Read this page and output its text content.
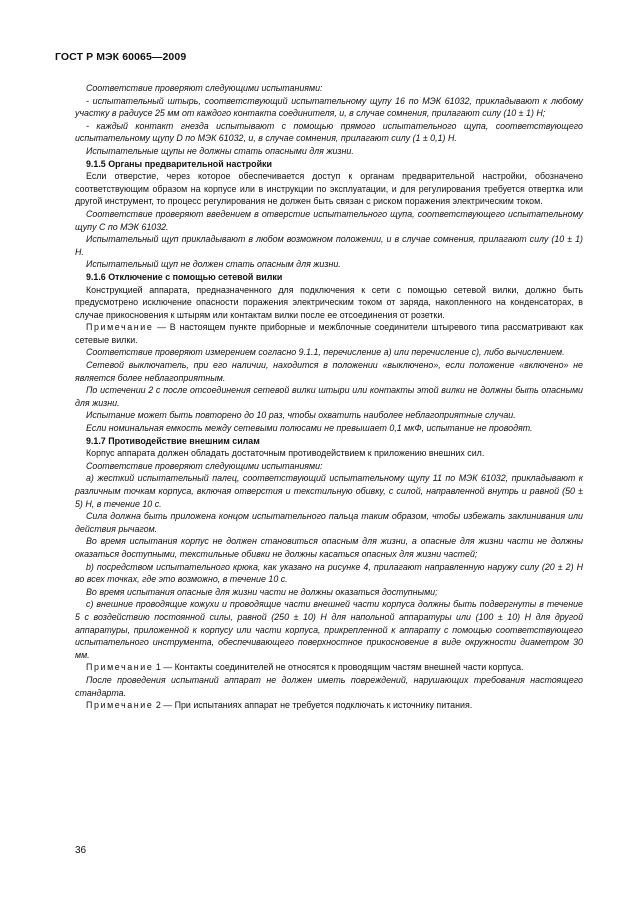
ГОСТ Р МЭК 60065—2009

Соответствие проверяют следующими испытаниями:

- испытательный штырь, соответствующий испытательному щупу 16 по МЭК 61032, прикладывают к любому участку в радиусе 25 мм от каждого контакта соединителя, и, в случае сомнения, прилагают силу (10 ± 1) Н;

- каждый контакт гнезда испытывают с помощью прямого испытательного щупа, соответствующего испытательному щупу D по МЭК 61032, и, в случае сомнения, прилагают силу (1 ± 0,1) Н.

Испытательные щупы не должны стать опасными для жизни.

9.1.5 Органы предварительной настройки

Если отверстие, через которое обеспечивается доступ к органам предварительной настройки, обозначено соответствующим образом на корпусе или в инструкции по эксплуатации, и для регулирования требуется отвертка или другой инструмент, то процесс регулирования не должен быть связан с риском поражения электрическим током.

Соответствие проверяют введением в отверстие испытательного щупа, соответствующего испытательному щупу С по МЭК 61032.

Испытательный щуп прикладывают в любом возможном положении, и в случае сомнения, прилагают силу (10 ± 1) Н.

Испытательный щуп не должен стать опасным для жизни.

9.1.6 Отключение с помощью сетевой вилки

Конструкцией аппарата, предназначенного для подключения к сети с помощью сетевой вилки, должно быть предусмотрено исключение опасности поражения электрическим током от заряда, накопленного на конденсаторах, в случае прикосновения к штырям или контактам вилки после ее отсоединения от розетки.

Примечание — В настоящем пункте приборные и межблочные соединители штыревого типа рассматривают как сетевые вилки.

Соответствие проверяют измерением согласно 9.1.1, перечисление а) или перечисление с), либо вычислением.

Сетевой выключатель, при его наличии, находится в положении «выключено», если положение «включено» не является более неблагоприятным.

По истечении 2 с после отсоединения сетевой вилки штыри или контакты этой вилки не должны быть опасными для жизни.

Испытание может быть повторено до 10 раз, чтобы охватить наиболее неблагоприятные случаи.

Если номинальная емкость между сетевыми полюсами не превышает 0,1 мкФ, испытание не проводят.

9.1.7 Противодействие внешним силам

Корпус аппарата должен обладать достаточным противодействием к приложению внешних сил.

Соответствие проверяют следующими испытаниями:

а) жесткий испытательный палец, соответствующий испытательному щупу 11 по МЭК 61032, прикладывают к различным точкам корпуса, включая отверстия и текстильную обивку, с силой, направленной внутрь и равной (50 ± 5) Н, в течение 10 с.

Сила должна быть приложена концом испытательного пальца таким образом, чтобы избежать заклинивания или действия рычагом.

Во время испытания корпус не должен становиться опасным для жизни, а опасные для жизни части не должны оказаться доступными, текстильные обивки не должны касаться опасных для жизни частей;

b) посредством испытательного крюка, как указано на рисунке 4, прилагают направленную наружу силу (20 ± 2) Н во всех точках, где это возможно, в течение 10 с.

Во время испытания опасные для жизни части не должны оказаться доступными;

с) внешние проводящие кожухи и проводящие части внешней части корпуса должны быть подвергнуты в течение 5 с воздействию постоянной силы, равной (250 ± 10) Н для напольной аппаратуры или (100 ± 10) Н для другой аппаратуры, приложенной к корпусу или части корпуса, прикрепленной к аппарату с помощью соответствующего испытательного инструмента, обеспечивающего поверхностное прикосновение в виде окружности диаметром 30 мм.

Примечание 1 — Контакты соединителей не относятся к проводящим частям внешней части корпуса.

После проведения испытаний аппарат не должен иметь повреждений, нарушающих требования настоящего стандарта.

Примечание 2 — При испытаниях аппарат не требуется подключать к источнику питания.

36
